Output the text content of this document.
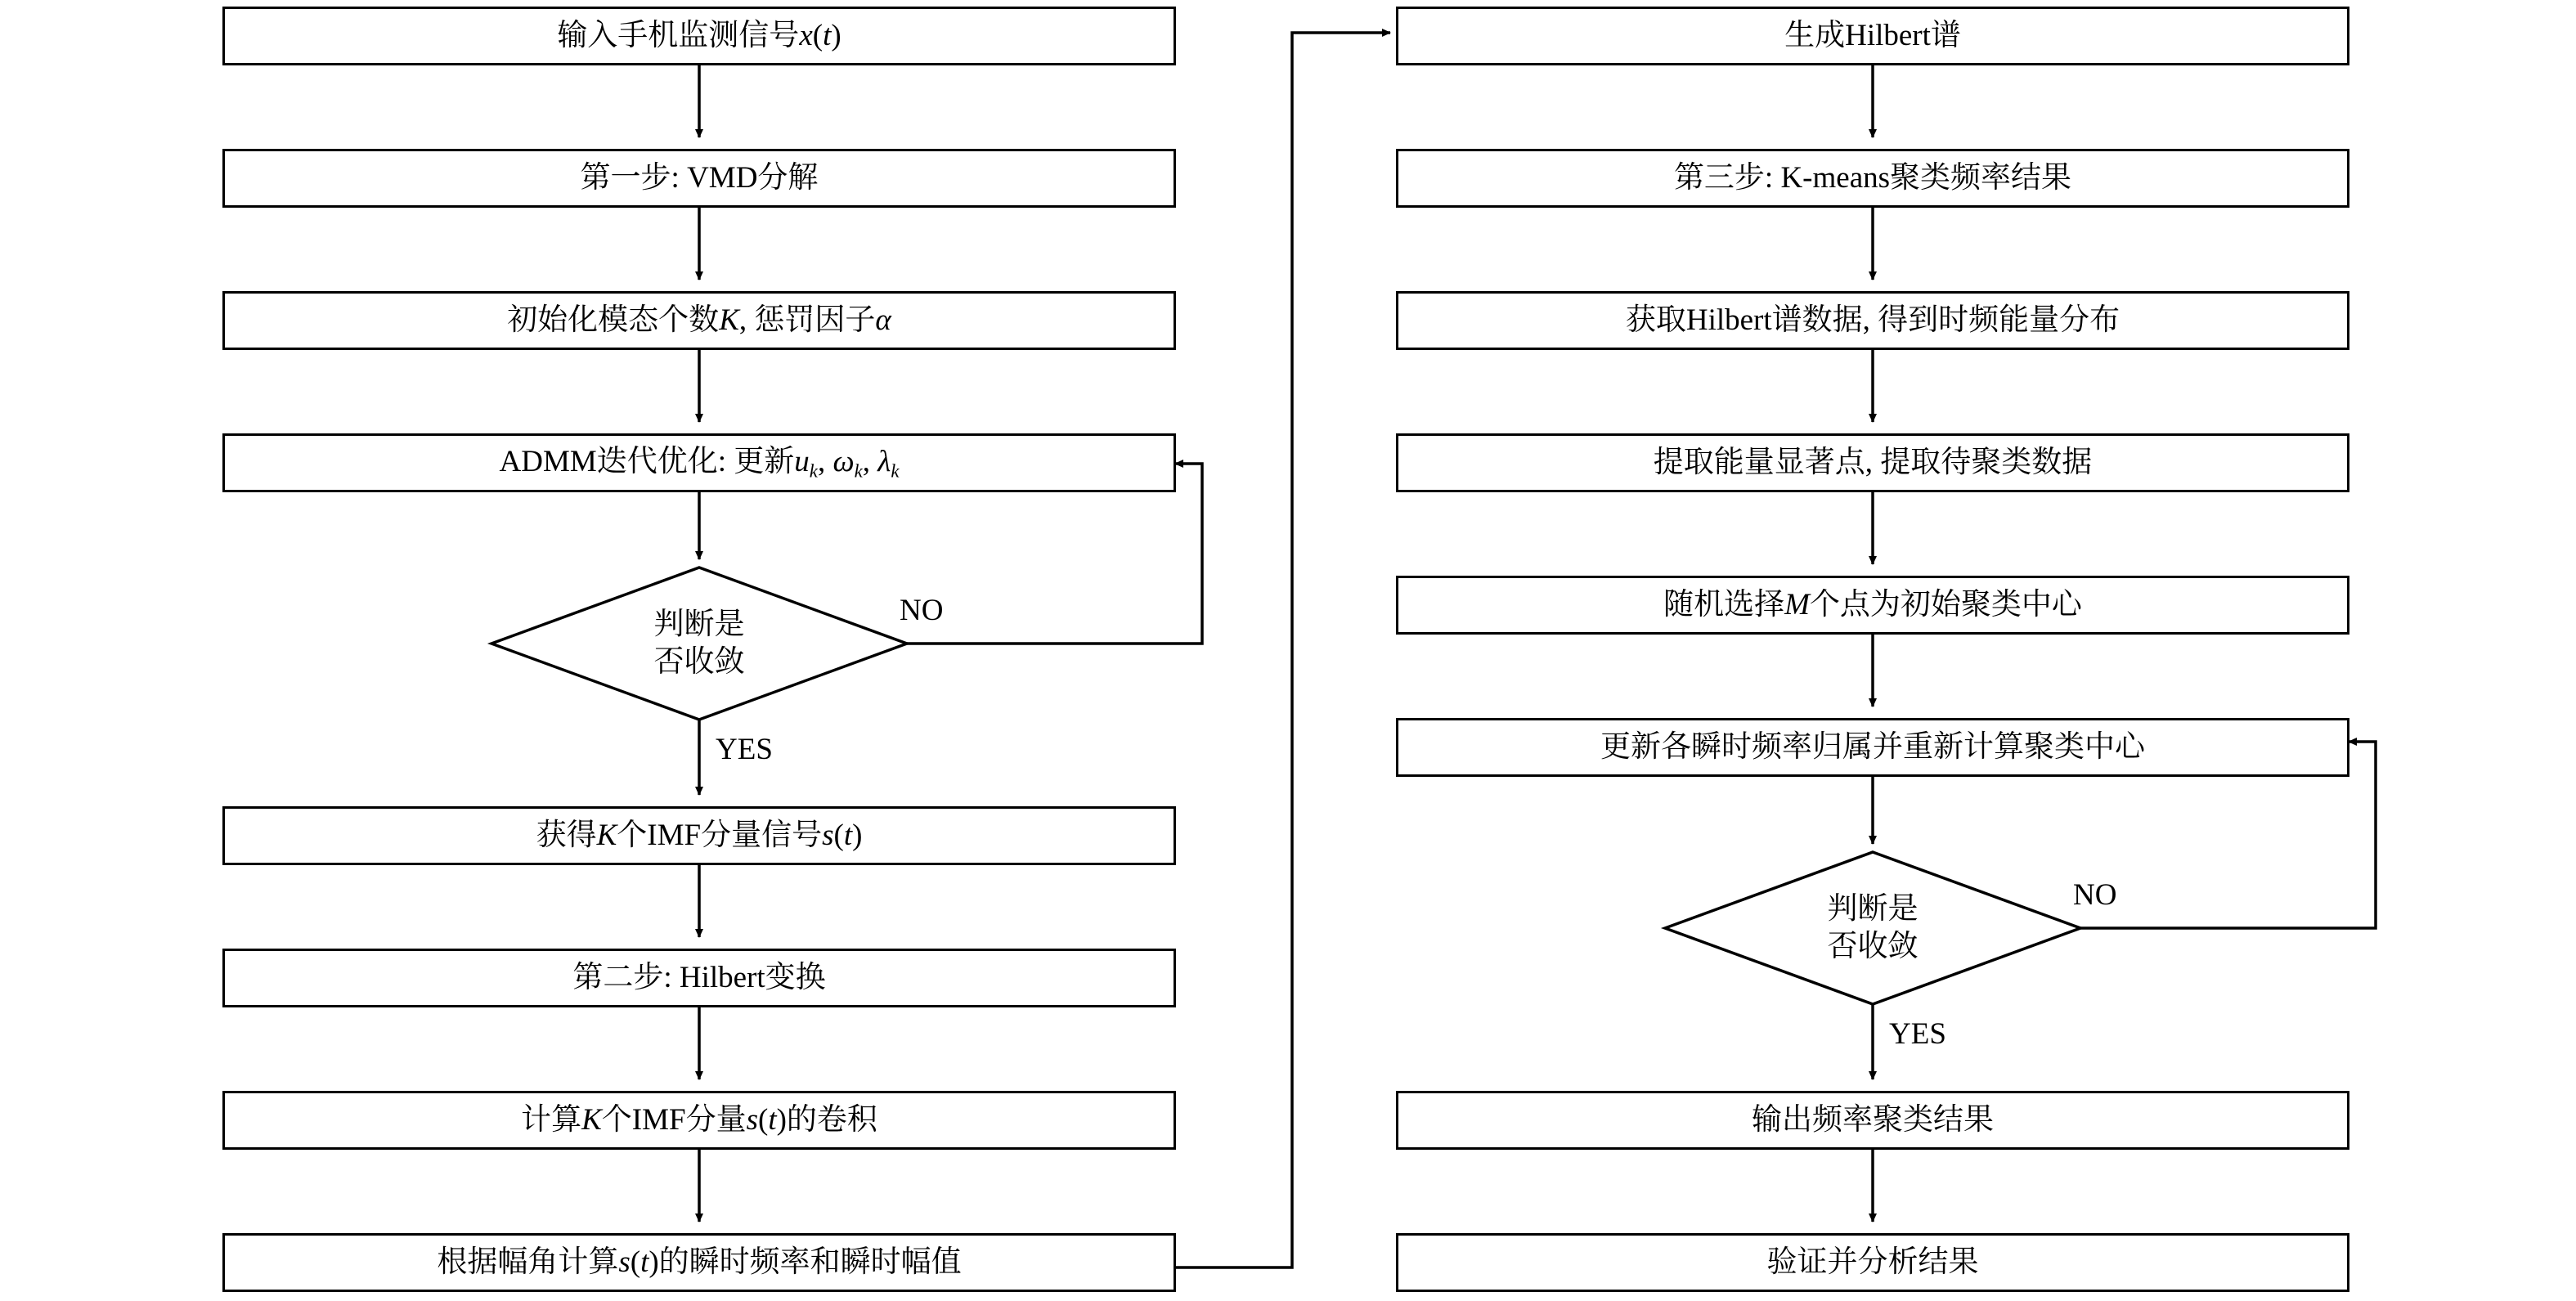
输入手机监测信号x(t)
第一步: VMD分解
初始化模态个数K, 惩罚因子α
ADMM迭代优化: 更新$u_k$, $\omega_k$, $\lambda_k$
判断是
否收敛
NO
YES
获得K个IMF分量信号s(t)
第二步: Hilbert变换
计算K个IMF分量s(t)的卷积
根据幅角计算s(t)的瞬时频率和瞬时幅值
生成Hilbert谱
第三步: K-means聚类频率结果
获取Hilbert谱数据, 得到时频能量分布
提取能量显著点, 提取待聚类数据
随机选择M个点为初始聚类中心
更新各瞬时频率归属并重新计算聚类中心
判断是
否收敛
NO
YES
输出频率聚类结果
验证并分析结果
